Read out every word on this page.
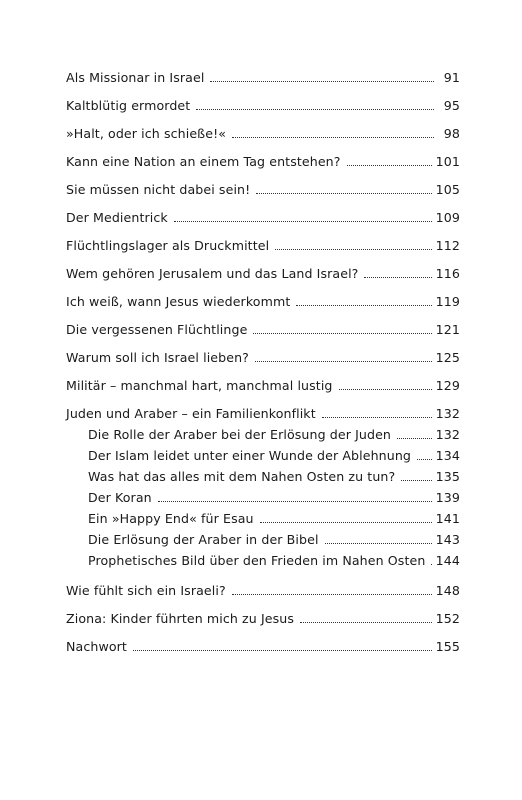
Als Missionar in Israel	91
Kaltblütig ermordet	95
»Halt, oder ich schieße!«	98
Kann eine Nation an einem Tag entstehen?	101
Sie müssen nicht dabei sein!	105
Der Medientrick	109
Flüchtlingslager als Druckmittel	112
Wem gehören Jerusalem und das Land Israel?	116
Ich weiß, wann Jesus wiederkommt	119
Die vergessenen Flüchtlinge	121
Warum soll ich Israel lieben?	125
Militär – manchmal hart, manchmal lustig	129
Juden und Araber – ein Familienkonflikt	132
Die Rolle der Araber bei der Erlösung der Juden	132
Der Islam leidet unter einer Wunde der Ablehnung 134
Was hat das alles mit dem Nahen Osten zu tun?	135
Der Koran	139
Ein »Happy End« für Esau	141
Die Erlösung der Araber in der Bibel	143
Prophetisches Bild über den Frieden im Nahen Osten 144
Wie fühlt sich ein Israeli?	148
Ziona: Kinder führten mich zu Jesus	152
Nachwort	155
